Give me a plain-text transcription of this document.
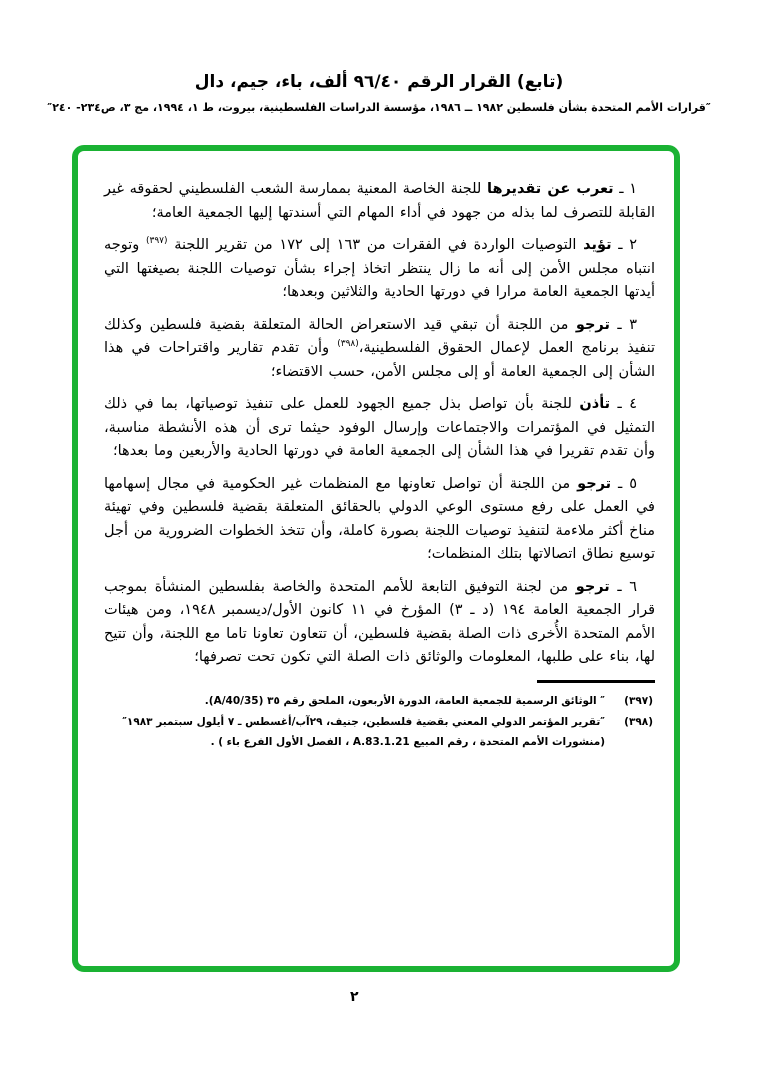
(تابع) القرار الرقم ٩٦/٤٠ ألف، باء، جيم، دال
″قرارات الأمم المتحدة بشأن فلسطين ١٩٨٢ ــ ١٩٨٦، مؤسسة الدراسات الفلسطينية، بيروت، ط ١، ١٩٩٤، مج ٣، ص٢٣٤- ٢٤٠″

١ ـ تعرب عن تقديرها للجنة الخاصة المعنية بممارسة الشعب الفلسطيني لحقوقه غير القابلة للتصرف لما بذله من جهود في أداء المهام التي أسندتها إليها الجمعية العامة؛

٢ ـ تؤيد التوصيات الواردة في الفقرات من ١٦٣ إلى ١٧٢ من تقرير اللجنة $^{(٣٩٧)}$ وتوجه انتباه مجلس الأمن إلى أنه ما زال ينتظر اتخاذ إجراء بشأن توصيات اللجنة بصيغتها التي أيدتها الجمعية العامة مرارا في دورتها الحادية والثلاثين وبعدها؛

٣ ـ ترجو من اللجنة أن تبقي قيد الاستعراض الحالة المتعلقة بقضية فلسطين وكذلك تنفيذ برنامج العمل لإعمال الحقوق الفلسطينية،$^{(٣٩٨)}$ وأن تقدم تقارير واقتراحات في هذا الشأن إلى الجمعية العامة أو إلى مجلس الأمن، حسب الاقتضاء؛

٤ ـ تأذن للجنة بأن تواصل بذل جميع الجهود للعمل على تنفيذ توصياتها، بما في ذلك التمثيل في المؤتمرات والاجتماعات وإرسال الوفود حيثما ترى أن هذه الأنشطة مناسبة، وأن تقدم تقريرا في هذا الشأن إلى الجمعية العامة في دورتها الحادية والأربعين وما بعدها؛

٥ ـ ترجو من اللجنة أن تواصل تعاونها مع المنظمات غير الحكومية في مجال إسهامها في العمل على رفع مستوى الوعي الدولي بالحقائق المتعلقة بقضية فلسطين وفي تهيئة مناخ أكثر ملاءمة لتنفيذ توصيات اللجنة بصورة كاملة، وأن تتخذ الخطوات الضرورية من أجل توسيع نطاق اتصالاتها بتلك المنظمات؛

٦ ـ ترجو من لجنة التوفيق التابعة للأمم المتحدة والخاصة بفلسطين المنشأة بموجب قرار الجمعية العامة ١٩٤ (د ـ ٣) المؤرخ في ١١ كانون الأول/ديسمبر ١٩٤٨، ومن هيئات الأمم المتحدة الأُخرى ذات الصلة بقضية فلسطين، أن تتعاون تعاونا تاما مع اللجنة، وأن تتيح لها، بناء على طلبها، المعلومات والوثائق ذات الصلة التي تكون تحت تصرفها؛

(٣٩٧)
″ الوثائق الرسمية للجمعية العامة، الدورة الأربعون، الملحق رقم ٣٥ (A/40/35).
(٣٩٨)
″تقرير المؤتمر الدولي المعني بقضية فلسطين، جنيف، ٢٩آب/أغسطس ـ ٧ أيلول سبتمبر ١٩٨٣″ (منشورات الأمم المتحدة ، رقم المبيع A.83.1.21 ، الفصل الأول الفرع باء ) .
٢
